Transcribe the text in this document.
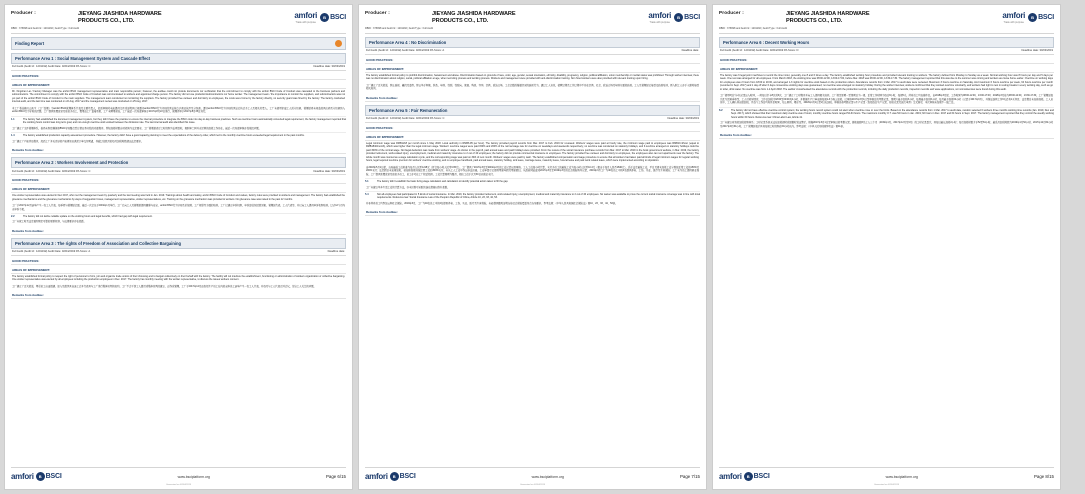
Producer :	JIEYANG JIASHIDA HARDWARE
PRODUCTS CO., LTD.
amfori
Trade with purpose
B BSCI
DBID : 376698 and Audit Id : 1201192 | Audit Type : Full Audit
Finding Report
Performance Area 1 : Social Management System and Cascade Effect
Full Audit (Audit Id : 1201192) Audit Date: 02/04/2019 PA Score: C	Deadline date: 30/03/2019
GOOD PRACTICES:
AREAS OF IMPROVEMENT:
Mr. Xingshan Lai / Factory Manager was the amfori BSCI management representative and main responsible person; however, the auditee could not provide documents nor verification that the commitment to comply with the amfori BSCI Code of Conduct was cascaded to the business partners and subcontractors. The commitment to comply with the amfori BSCI Code of Conduct was communicated to workers and appointed charge person. The factory did not use production/subcontractors nor home worker. The management team / the importance to monitor the suppliers, and subcontractors was not yet part of the amfori BSCI Code of Conduct to the main suppliers. The management team conducted no monitoring the suppliers. The factory provided free canteen and dormitory to employees, the costs were borne by the factory directly, no security guard was hired by the factory. The factory conducted internal audit, and the last time was conducted on 22 Aug. 2017 and the management review was conducted on 25 Aug. 2017.
本工厂委任赖兴山先生（工厂经理）为amfori BSCI管理体系代表及主要负责人，然而审核时未能提供文件或证明其已将遵守amfori BSCI行为守则的承诺传达予商业伙伴及分包商。遵守amfori BSCI行为守则的承诺已传达予工人及相关负责人。工厂未使用家庭工人或分包商。管理层尚未将监控供应商及分包商纳入amfori BSCI行为守则的范围。工厂提供免费食堂及宿舍予员工，费用由工厂直接承担，工厂未聘用保安。工厂最近一次内部审核于2017年8月22日进行，管理评审于2017年8月25日进行。
1.1	The factory had established the document management system, but they didn't have the practice to ensure the internal procedure to integrate the BSCI code into day-to-day business practices. Such as overtime hours automatically converted legal requirement, the factory management reported that the working hours control was long term goal, and not enough overtime work existed between the dimission rate. The last internal audit also identified this issue.
工厂建立了文件管理体系，但尚未制定确保将BSCI守则整合至日常业务实践的内部程序。例如加班时数自动转换为法定要求，工厂管理层表示工时控制为长期目标，离职率之间并无足够的加班工作存在。最近一次内部审核亦发现此问题。
1.4	The factory established production capacity assessment procedure. However, the factory didn't have a good capacity planning to meet the expectations of the delivery order, which led to the monthly overtime hours exceeded legal requirement in the past months.
工厂建立了产能评估程序，然而工厂并无良好的产能规划以满足订单交付期望，导致过往数月的每月加班时数超出法定要求。
Remarks from Auditee:
Performance Area 2 : Workers Involvement and Protection
Full Audit (Audit Id : 1201192) Audit Date: 02/04/2019 PA Score: C	Deadline date: 30/03/2019
GOOD PRACTICES:
AREAS OF IMPROVEMENT:
One worker representative was elected in Dec 2017, who met the management team by quarterly and the last meeting was held in Jan. 2019. Trainings about health and safety, amfori BSCI Code of Conduct and values, factory rules were provided to workers and management. The factory had established the grievance mechanisms and the grievance mechanisms by ways of suggestion boxes, management representative, worker representatives, etc. Training on the grievance mechanism was provided to workers. No grievance case was raised in the past 12 months.
工厂于2017年12月选举产生一名工人代表，每季度与管理层会面，最近一次会议于2019年1月举行。工厂已向工人及管理层提供健康与安全、amfori BSCI行为守则及价值观、工厂规章等方面的培训。工厂已建立申诉机制，申诉途径包括意见箱、管理层代表、工人代表等，并已向工人提供申诉机制培训。过去12个月内无申诉个案。
2.2	The factory did not define reliable update on the working hours and legal benefits, which had gap with legal requirement.
工厂未就工时及法定福利制定可靠的更新机制，与法律要求存在差距。
Remarks from Auditee:
Performance Area 3 : The rights of Freedom of Association and Collective Bargaining
Full Audit (Audit Id : 1201192) Audit Date: 02/04/2019 PA Score: A	Deadline date:
GOOD PRACTICES:
AREAS OF IMPROVEMENT:
The factory established formal policy to respect the right of personnel to form, join and organize trade unions of their choosing and to bargain collectively on their behalf with the factory. The facility will not interfere the establishment, functioning or administration of workers organization or collective bargaining. One worker representative was elected by all employees including the production employees in Dec. 2017. The factory has monthly meeting with the worker representative, to discuss the issues workers concern.
工厂建立了正式政策，尊重员工自由组建、加入及组织其自选工会并代表其与工厂进行集体谈判的权利。工厂不会干涉工人组织或集体谈判的建立、运作或管理。工厂于2017年12月由包括生产员工在内的全体员工选举产生一名工人代表，并每月与工人代表召开会议，讨论工人关注的问题。
Remarks from Auditee:
amfori	B BSCI	www.bsciplatform.org	Page 6/15
Generated on 02/04/2019
Producer :	JIEYANG JIASHIDA HARDWARE
PRODUCTS CO., LTD.
amfori
Trade with purpose
B BSCI
DBID : 376698 and Audit Id : 1201192 | Audit Type : Full Audit
Performance Area 4 : No Discrimination
Full Audit (Audit Id : 1201192) Audit Date: 02/04/2019 PA Score: A	Deadline date:
GOOD PRACTICES:
AREAS OF IMPROVEMENT:
The factory established formal policy to prohibit discrimination, harassment and abuse. Discrimination based on grounds of race, color, age, gender, sexual orientation, ethnicity, disability, pregnancy, religion, political affiliation, union membership or marital status was prohibited. Through worker interview, there was no discrimination about religion, social, political affiliation at age, when recruiting process and working process. Workers and management were provided with anti-discrimination training. Non hired workers were also provided with relevant training upon hiring.
工厂建立了正式政策，禁止歧视、骚扰及虐待。禁止基于种族、肤色、年龄、性别、性取向、族裔、残疾、怀孕、宗教、政治立场、工会会籍或婚姻状况的歧视行为。通过工人访谈，招聘过程及工作过程中不存在宗教、社会、政治立场及年龄方面的歧视。工人及管理层已接受反歧视培训，新入职工人亦于入职时接受相关培训。
Remarks from Auditee:
Performance Area 5 : Fair Remuneration
Full Audit (Audit Id : 1201192) Audit Date: 02/04/2019 PA Score: C	Deadline date: 30/03/2019
GOOD PRACTICES:
AREAS OF IMPROVEMENT:
Legal minimum wage was RMB1218 per month since 1 May 2018. Local authority in RMB6.95 per hour). The factory provided payroll records from Mar. 2017 to Feb. 2019 for reviewed. Workers' wages were paid at hourly rate, the minimum wage paid to employees was RMB10.4/hour (equal to RMB1840/month), which was higher than the legal minimum wage. Workers' overtime wages were paid 150% and 200% of the normal wage rate for overtime on weekdays and weekends respectively; no overtime was conducted on statutory holidays, and if overtime arranged on statutory holidays could be paid 300% of the normal wage. No illegal deduction was made from workers' wage. As shown in the payroll, paid annual leave and paid holidays were provided. From the review of the social insurance purchase records from Mar. 2017 to Mar. 2019 in the book government website, in Mar. 2019, the factory provided retirement, work-related injury, unemployment, medical and maternity insurance to 2 out of 40 employees; the factory did not provide commercial insurance to employees. The factory provided free canteen and dormitory to employees, the employees also can rent apartments near the factory. The whole month was counted as a wage calculation cycle, and the corresponding wage was paid on 30th of next month. Workers' wages were paid by cash. The factory established compensation and wage procedure to ensure that all workers had taken paid all kinds of legal minimum wages for regular working hours, legal required overtime premium for workers' overtime working, and no employee handbook, paid annual leave, statutory holiday, sick leave, marriage leave, maternity leave, funeral leave and paid work related leave, which were implemented according to stipulation.
自2018年5月1日起，当地最低工资标准为每月人民币1218元（折合每小时人民币6.95元）。工厂提供了2017年3月至2019年2月的工资记录以供审核。工人工资按小时计算，支付予员工的最低工资为每小时人民币10.4元（相当于每月人民币1840元），高于法定最低工资。平日及周末加班工资分别按正常工资的150%及200%支付；法定假日未安排加班，若安排加班则按正常工资的300%支付。未从工人工资中作出非法扣减。工资单显示已提供带薪年假及带薪假日。从政府网站查阅2017年3月至2019年3月的社会保险购买记录，2019年3月工厂为40名员工中的2名提供养老、工伤、失业、医疗及生育保险；工厂未为员工提供商业保险。工厂提供免费食堂及宿舍予员工，员工亦可在工厂附近租房。工资计算周期为整月，相应工资于次月30日以现金支付。
5.1	The factory didn't establish the basic living wage calculation and calculation to identify potential action taken to fill the gap.
工厂未建立基本生活工资的计算方法，亦未识别可采取的潜在措施以弥补差距。
5.4	Not all employees had participated in 5 kinds of social insurance. In Mar. 2019, the factory provided retirement, work-related injury, unemployment, medical and maternity insurance to 2 out of 40 employees. No waiver was available to prove the current social insurance coverage was in line with local requirements. Reference law: Social Insurance Law of the People's Republic of China, Article 10, 23, 33, 44, 53.
并非所有员工均参加五种社会保险。2019年3月，工厂为40名员工中的2名提供养老、工伤、失业、医疗及生育保险。未能提供豁免证明当前社会保险覆盖符合当地要求。参考法规：《中华人民共和国社会保险法》第10、23、33、44、53条。
Remarks from Auditee:
amfori	B BSCI	www.bsciplatform.org	Page 7/15
Generated on 02/04/2019
Producer :	JIEYANG JIASHIDA HARDWARE
PRODUCTS CO., LTD.
amfori
Trade with purpose
B BSCI
DBID : 376698 and Audit Id : 1201192 | Audit Type : Full Audit
Performance Area 6 : Decent Working Hours
Full Audit (Audit Id : 1201192) Audit Date: 02/04/2019 PA Score: D	Deadline date: 30/03/2019
GOOD PRACTICES:
AREAS OF IMPROVEMENT:
The factory was 6 legal point machines to record the time in/out, generally one 8 and 6 times a day. The factory established working hour procedure and provided relevant training to workers. The factory defined from Monday to Sunday as a week. Normal working hour was 8 hours per day and 5 days per week. One rest was arranged for all employees. From March 2018, the working time was 08:00-12:00, 13:00-17:00, before Mar. 2018 was 08:00-12:00, 13:30-17:30. The factory management reported that this was due to the summer was coming and workers are loose home earlier. Overtime on working days for employees was 2 hours from 18:00 to 20:00, and arranged 1-3 nights for overtime work based on the production orders. Attendance records from 1 Mar. 2017 to audit date were reviewed. Maximum 3 hours overtime on Saturday. And maximum 6 hours overtime per week, 64 hours overtime per month (recorded in Sept. 2017) and 1 day off after 6 days consecutive working days was guaranteed; no overtime was arranged on statutory holiday. During the worker interview, workers confirmed that they worked overtime voluntarily, and workers had right to rest in resting breaks in every working day, such as go to toilet, drink water. No overtime was from 1-2 April 2018. The auditor crosschecked the attendance records with the production records, including the daily production records, inspection records and wave applications, no inconsistencies were found during this audit.
工厂使用6台打卡机记录出入时间，一般每日打卡8次或6次。工厂建立了工时程序并向工人提供相关培训。工厂规定星期一至星期日为一周。正常工作时间为每日8小时，每周5天。所有员工均安排休息。自2018年3月起，工作时间为08:00-12:00、13:00-17:00；2018年3月前为08:00-12:00、13:30-17:30。工厂管理层表示此乃因夏季将至，工人可较早回家。工作日加班为18:00至20:00共2小时，并根据生产订单安排每周1-3个晚上加班。已审核2017年3月1日至审核日的考勤记录。星期六最多加班3小时，每周最多加班6小时，每月最多加班64小时（记录于2017年9月），并保证连续工作6天后有1天休息；法定假日未安排加班。工人访谈中，工人确认其自愿加班，且每个工作日均有休息时间，如上厕所、喝水等。2018年4月1日至2日无加班。审核员将考勤记录与生产记录（包括每日生产记录、检验记录及波次申请）交叉核对，本次审核未发现不一致之处。
6.2	The factory did not have effective overtime control system; the working hours record system could not alert when overtime rose or over the limits. Based on the attendance records from 1 Mar. 2017 to audit date, random selected 6 workers three months working time records (Jan. 2019, Dec and Sept. 2017), which showed that their maximum daily overtime was 2 hours; monthly overtime hours ranged 52-64 hours. The maximum monthly O.T. was 52 hours in Jan. 2019; 62 hours in Dec. 2017 and 64 hours in Sept. 2017. The factory management reported that they control the weekly working hours within 60 hours. Reference law: China Labor Law, Article 41.
工厂未建立有效的加班控制体系；工时记录系统无法在加班超时或超限时发出警示。根据2017年3月1日至审核日的考勤记录，随机抽取6名工人三个月（2019年1月、2017年12月及9月）的工时记录显示，其每日最长加班2小时；每月加班时数介乎52至64小时。最高月加班时数为2019年1月52小时、2017年12月62小时及2017年9月64小时。工厂管理层表示其将每周工时控制在60小时以内。参考法规：《中华人民共和国劳动法》第41条。
Remarks from Auditee:
amfori	B BSCI	www.bsciplatform.org	Page 8/15
Generated on 02/04/2019
